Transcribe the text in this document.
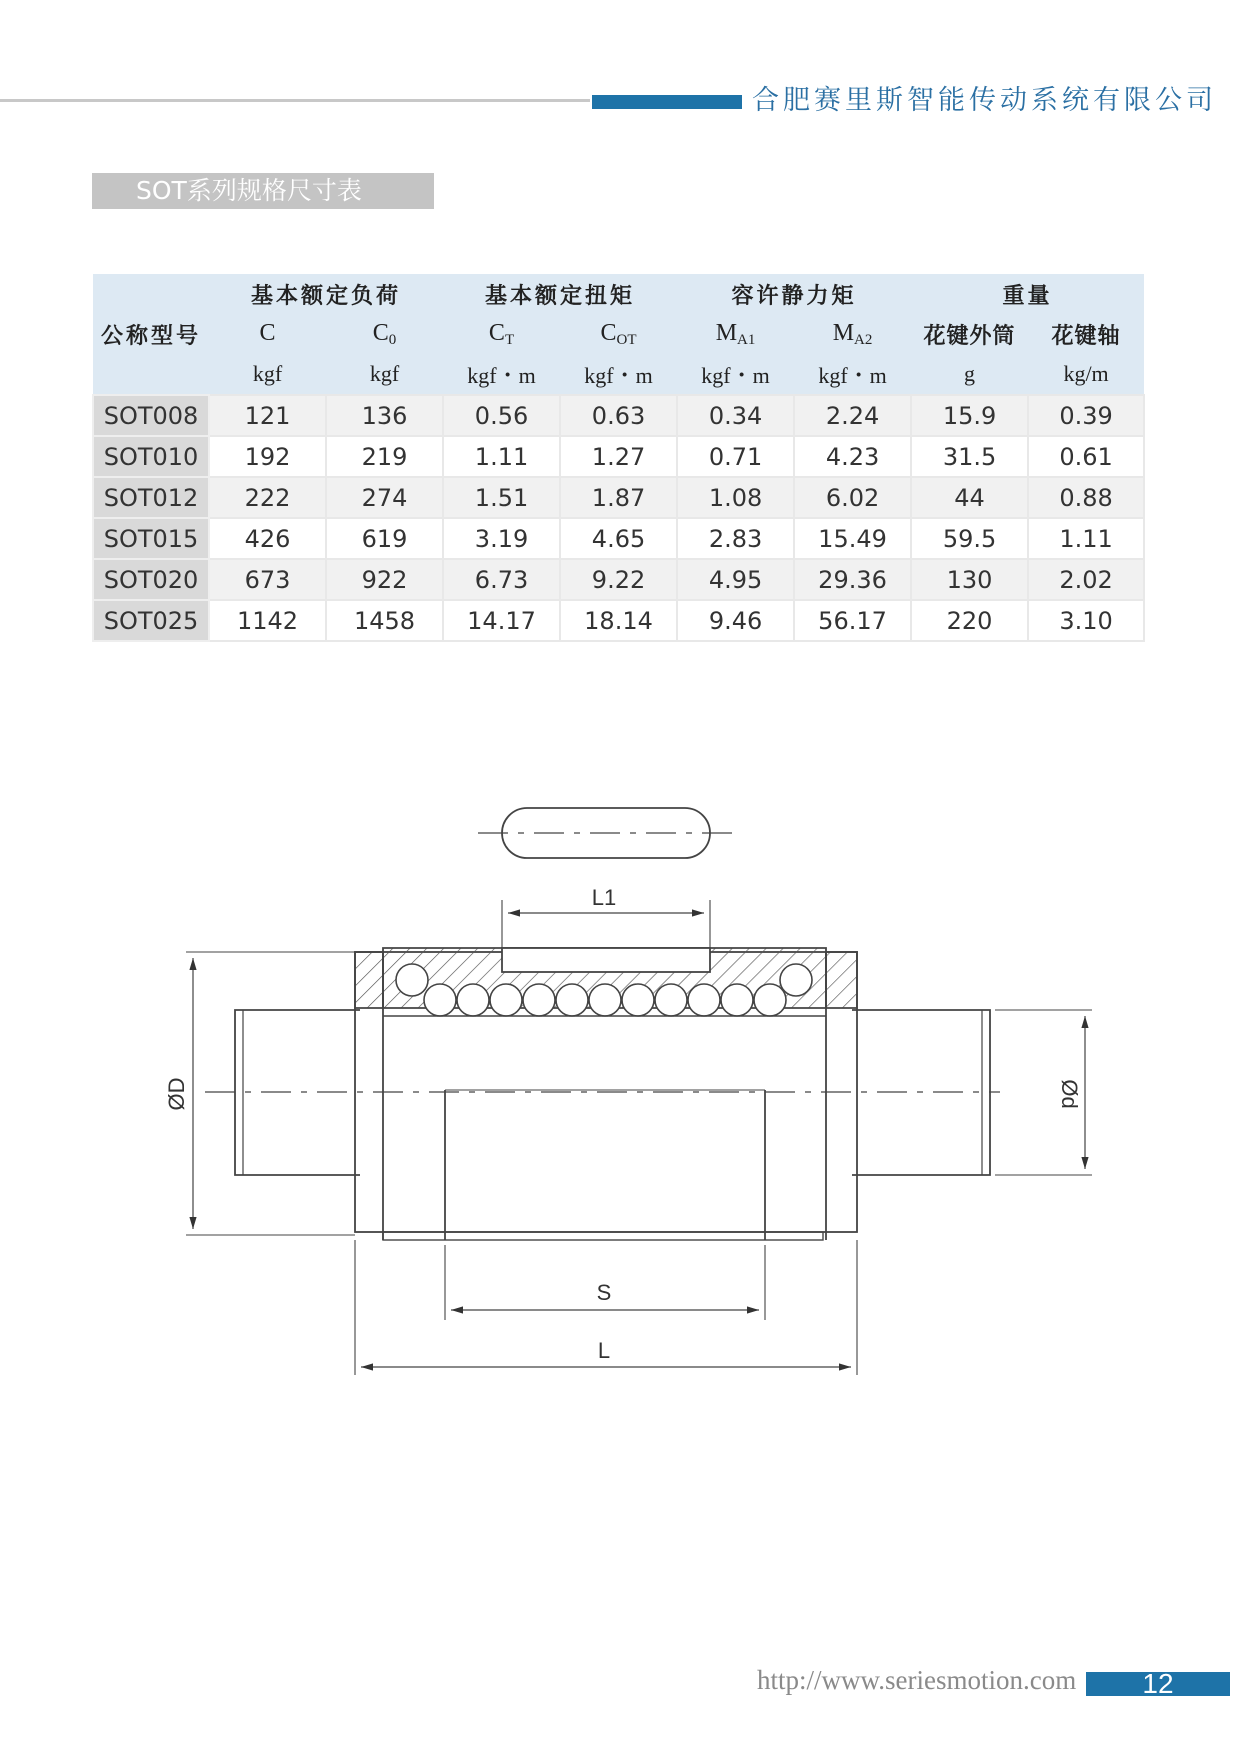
合肥赛里斯智能传动系统有限公司
SOT系列规格尺寸表
公称型号	基本额定负荷		基本额定扭矩		容许静力矩		重量	
	C	$C_0$	$C_T$	$C_{OT}$	$M_{A1}$	$M_{A2}$	花键外筒	花键轴
	kgf	kgf	kgf・m	kgf・m	kgf・m	kgf・m	g	kg/m
SOT008	121	136	0.56	0.63	0.34	2.24	15.9	0.39
SOT010	192	219	1.11	1.27	0.71	4.23	31.5	0.61
SOT012	222	274	1.51	1.87	1.08	6.02	44	0.88
SOT015	426	619	3.19	4.65	2.83	15.49	59.5	1.11
SOT020	673	922	6.73	9.22	4.95	29.36	130	2.02
SOT025	1142	1458	14.17	18.14	9.46	56.17	220	3.10
L1
S
L
ØD	Ød
http://www.seriesmotion.com	12
